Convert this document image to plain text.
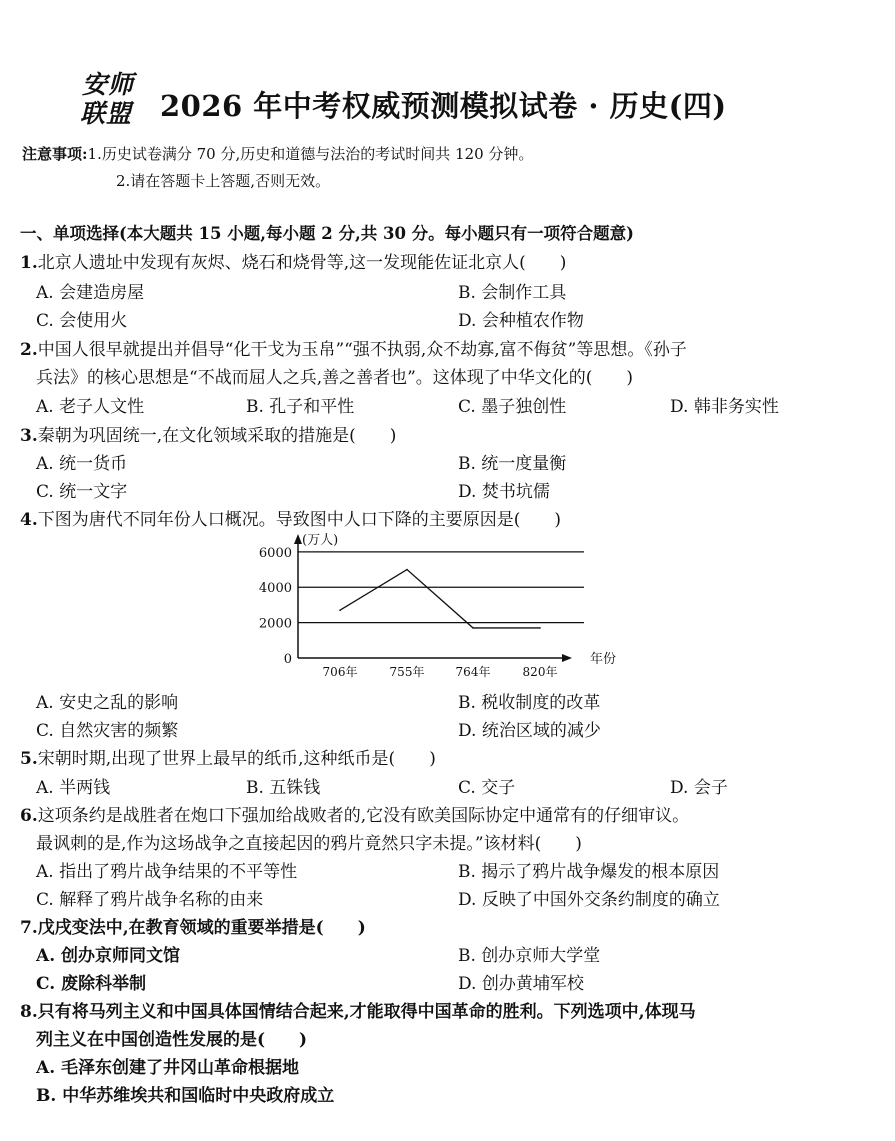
安师
联盟 2026 年中考权威预测模拟试卷 · 历史(四)
注意事项:1.历史试卷满分 70 分,历史和道德与法治的考试时间共 120 分钟。
2.请在答题卡上答题,否则无效。
一、单项选择(本大题共 15 小题,每小题 2 分,共 30 分。每小题只有一项符合题意)
1.北京人遗址中发现有灰烬、烧石和烧骨等,这一发现能佐证北京人(　　)
A. 会建造房屋	B. 会制作工具
C. 会使用火	D. 会种植农作物
2.中国人很早就提出并倡导“化干戈为玉帛”“强不执弱,众不劫寡,富不侮贫”等思想。《孙子
兵法》的核心思想是“不战而屈人之兵,善之善者也”。这体现了中华文化的(　　)
A. 老子人文性	B. 孔子和平性	C. 墨子独创性	D. 韩非务实性
3.秦朝为巩固统一,在文化领域采取的措施是(　　)
A. 统一货币	B. 统一度量衡
C. 统一文字	D. 焚书坑儒
4.下图为唐代不同年份人口概况。导致图中人口下降的主要原因是(　　)
0
2000
4000
6000
(万人)
年份
706年	755年	764年	820年
A. 安史之乱的影响	B. 税收制度的改革
C. 自然灾害的频繁	D. 统治区域的减少
5.宋朝时期,出现了世界上最早的纸币,这种纸币是(　　)
A. 半两钱	B. 五铢钱	C. 交子	D. 会子
6.这项条约是战胜者在炮口下强加给战败者的,它没有欧美国际协定中通常有的仔细审议。
最讽刺的是,作为这场战争之直接起因的鸦片竟然只字未提。”该材料(　　)
A. 指出了鸦片战争结果的不平等性	B. 揭示了鸦片战争爆发的根本原因
C. 解释了鸦片战争名称的由来	D. 反映了中国外交条约制度的确立
7.戊戌变法中,在教育领域的重要举措是(　　)
A. 创办京师同文馆	B. 创办京师大学堂
C. 废除科举制	D. 创办黄埔军校
8.只有将马列主义和中国具体国情结合起来,才能取得中国革命的胜利。下列选项中,体现马
列主义在中国创造性发展的是(　　)
A. 毛泽东创建了井冈山革命根据地
B. 中华苏维埃共和国临时中央政府成立
